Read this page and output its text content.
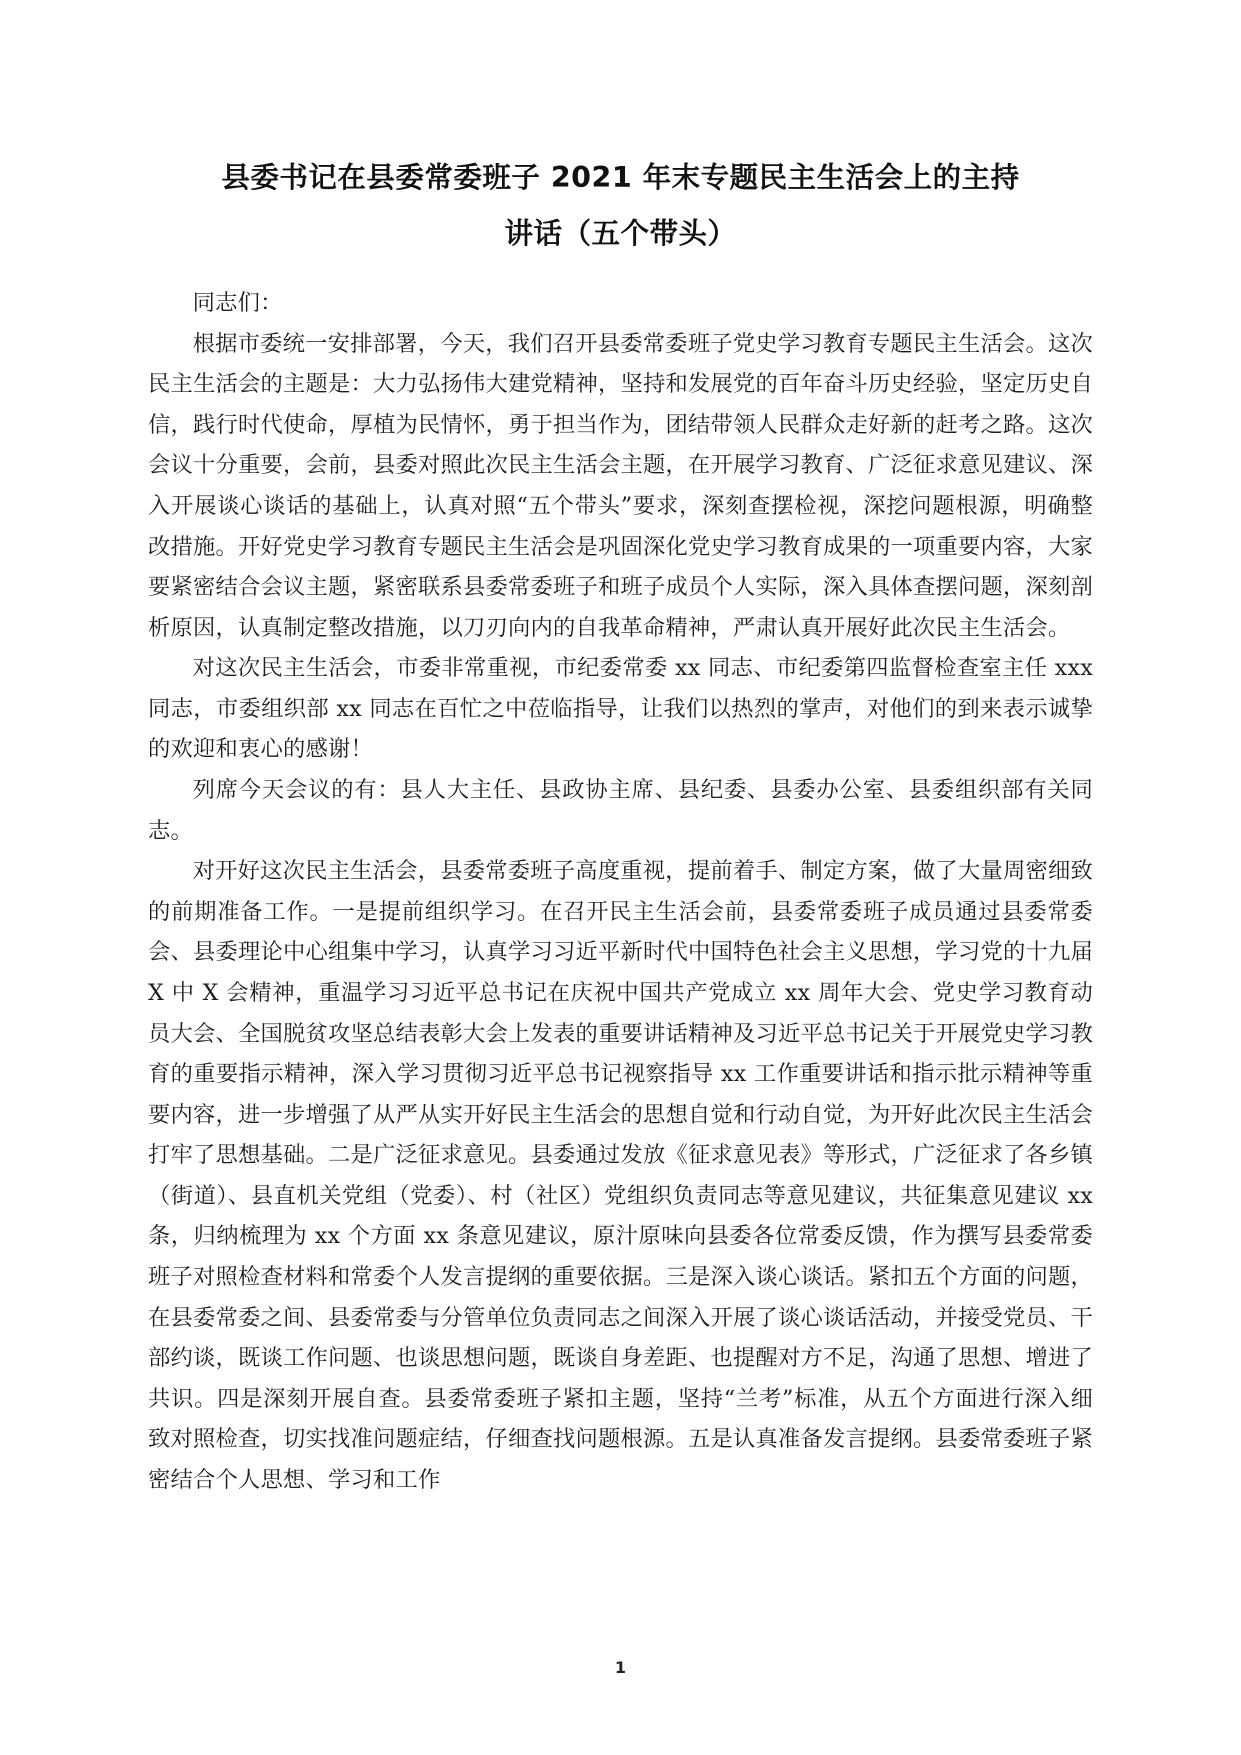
县委书记在县委常委班子 2021 年末专题民主生活会上的主持
讲话（五个带头）

同志们：

根据市委统一安排部署，今天，我们召开县委常委班子党史学习教育专题民主生活会。这次民主生活会的主题是：大力弘扬伟大建党精神，坚持和发展党的百年奋斗历史经验，坚定历史自信，践行时代使命，厚植为民情怀，勇于担当作为，团结带领人民群众走好新的赶考之路。这次会议十分重要，会前，县委对照此次民主生活会主题，在开展学习教育、广泛征求意见建议、深入开展谈心谈话的基础上，认真对照“五个带头”要求，深刻查摆检视，深挖问题根源，明确整改措施。开好党史学习教育专题民主生活会是巩固深化党史学习教育成果的一项重要内容，大家要紧密结合会议主题，紧密联系县委常委班子和班子成员个人实际，深入具体查摆问题，深刻剖析原因，认真制定整改措施，以刀刃向内的自我革命精神，严肃认真开展好此次民主生活会。

对这次民主生活会，市委非常重视，市纪委常委 xx 同志、市纪委第四监督检查室主任 xxx 同志，市委组织部 xx 同志在百忙之中莅临指导，让我们以热烈的掌声，对他们的到来表示诚挚的欢迎和衷心的感谢！

列席今天会议的有：县人大主任、县政协主席、县纪委、县委办公室、县委组织部有关同志。

对开好这次民主生活会，县委常委班子高度重视，提前着手、制定方案，做了大量周密细致的前期准备工作。一是提前组织学习。在召开民主生活会前，县委常委班子成员通过县委常委会、县委理论中心组集中学习，认真学习习近平新时代中国特色社会主义思想，学习党的十九届 X 中 X 会精神，重温学习习近平总书记在庆祝中国共产党成立 xx 周年大会、党史学习教育动员大会、全国脱贫攻坚总结表彰大会上发表的重要讲话精神及习近平总书记关于开展党史学习教育的重要指示精神，深入学习贯彻习近平总书记视察指导 xx 工作重要讲话和指示批示精神等重要内容，进一步增强了从严从实开好民主生活会的思想自觉和行动自觉，为开好此次民主生活会打牢了思想基础。二是广泛征求意见。县委通过发放《征求意见表》等形式，广泛征求了各乡镇（街道）、县直机关党组（党委）、村（社区）党组织负责同志等意见建议，共征集意见建议 xx 条，归纳梳理为 xx 个方面 xx 条意见建议，原汁原味向县委各位常委反馈，作为撰写县委常委班子对照检查材料和常委个人发言提纲的重要依据。三是深入谈心谈话。紧扣五个方面的问题，在县委常委之间、县委常委与分管单位负责同志之间深入开展了谈心谈话活动，并接受党员、干部约谈，既谈工作问题、也谈思想问题，既谈自身差距、也提醒对方不足，沟通了思想、增进了共识。四是深刻开展自查。县委常委班子紧扣主题，坚持“兰考”标准，从五个方面进行深入细致对照检查，切实找准问题症结，仔细查找问题根源。五是认真准备发言提纲。县委常委班子紧密结合个人思想、学习和工作

1
